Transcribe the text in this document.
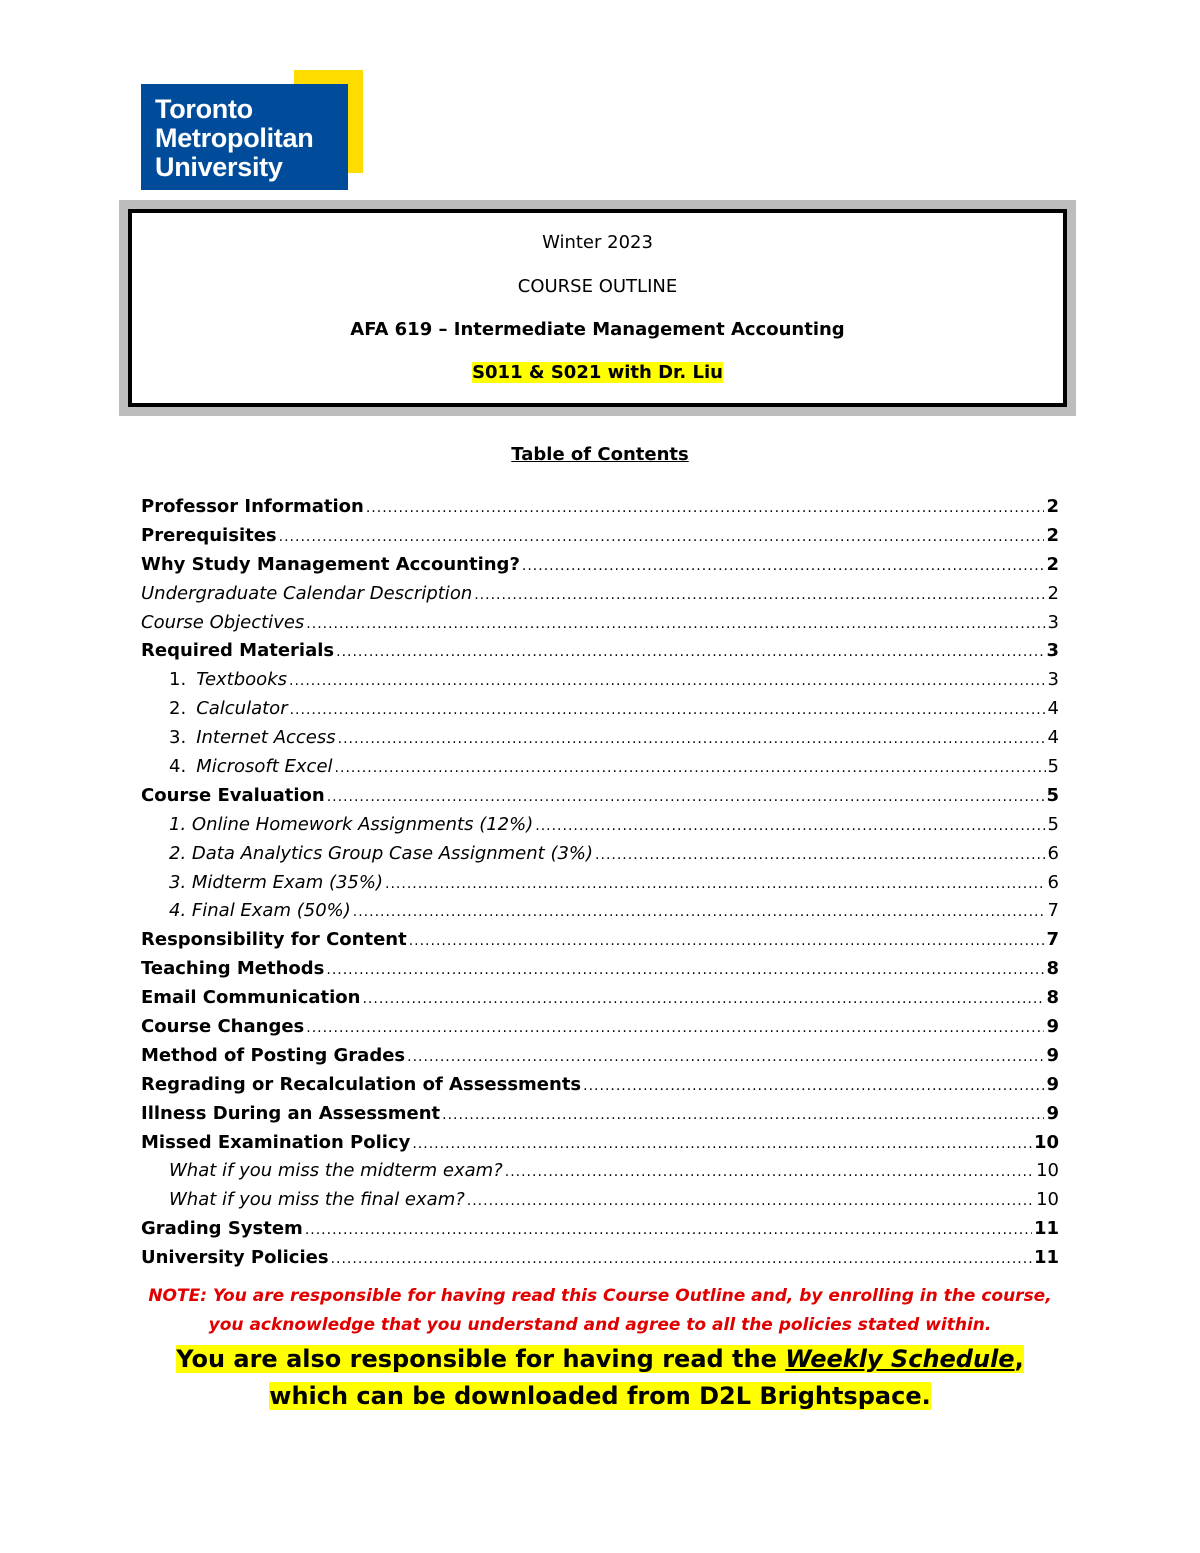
Toronto
Metropolitan
University
Winter 2023
COURSE OUTLINE
AFA 619 – Intermediate Management Accounting
S011 & S021 with Dr. Liu
Table of Contents
Professor Information .....	2
Prerequisites .....	2
Why Study Management Accounting? .....	2
Undergraduate Calendar Description .....	2
Course Objectives .....	3
Required Materials .....	3
1. Textbooks .....	3
2. Calculator .....	4
3. Internet Access .....	4
4. Microsoft Excel .....	5
Course Evaluation .....	5
1. Online Homework Assignments (12%) .....	5
2. Data Analytics Group Case Assignment (3%) .....	6
3. Midterm Exam (35%) .....	6
4. Final Exam (50%) .....	7
Responsibility for Content .....	7
Teaching Methods .....	8
Email Communication .....	8
Course Changes .....	9
Method of Posting Grades .....	9
Regrading or Recalculation of Assessments .....	9
Illness During an Assessment .....	9
Missed Examination Policy .....	10
What if you miss the midterm exam? .....	10
What if you miss the final exam? .....	10
Grading System .....	11
University Policies .....	11
NOTE: You are responsible for having read this Course Outline and, by enrolling in the course,
you acknowledge that you understand and agree to all the policies stated within.
You are also responsible for having read the Weekly Schedule,
which can be downloaded from D2L Brightspace.
